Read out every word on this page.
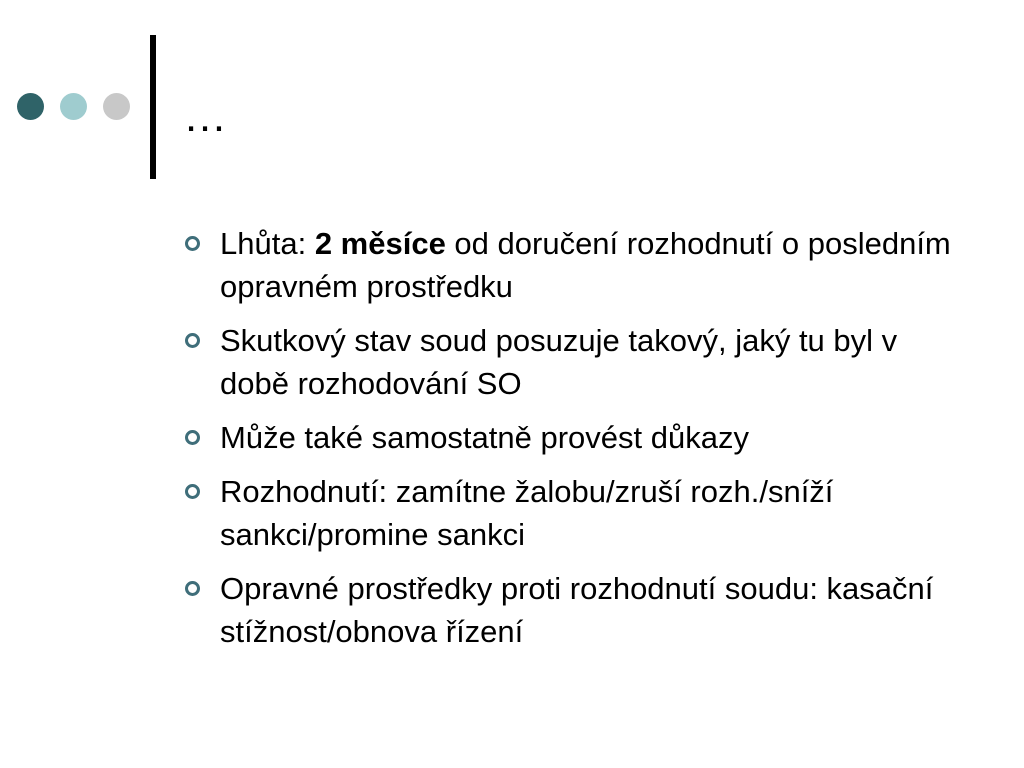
…
Lhůta: 2 měsíce od doručení rozhodnutí o posledním opravném prostředku
Skutkový stav soud posuzuje takový, jaký tu byl v době rozhodování SO
Může také samostatně provést důkazy
Rozhodnutí: zamítne žalobu/zruší rozh./sníží sankci/promine sankci
Opravné prostředky proti rozhodnutí soudu: kasační stížnost/obnova řízení
